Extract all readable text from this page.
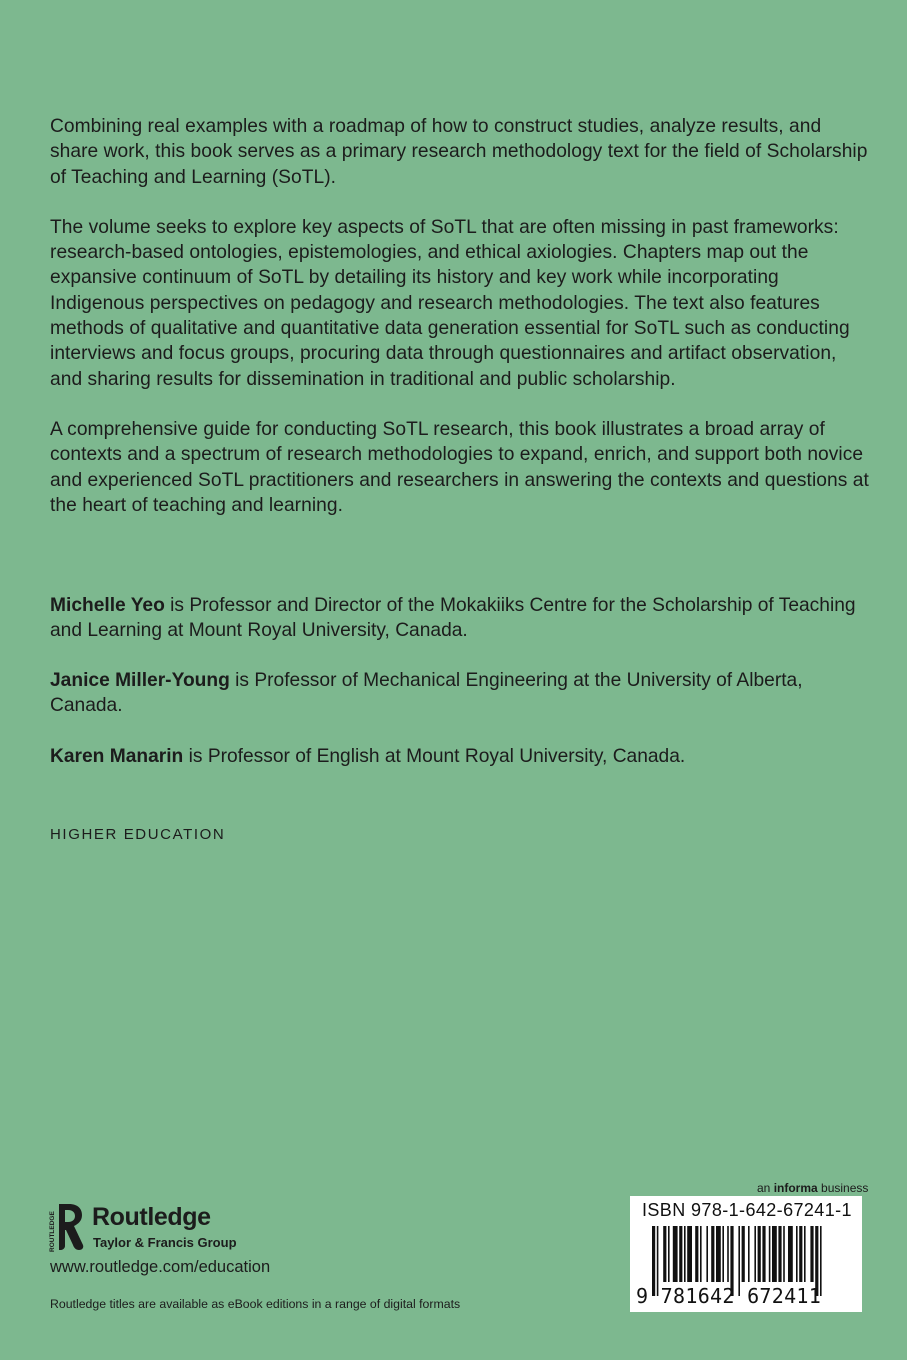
Combining real examples with a roadmap of how to construct studies, analyze results, and share work, this book serves as a primary research methodology text for the field of Scholarship of Teaching and Learning (SoTL).

The volume seeks to explore key aspects of SoTL that are often missing in past frameworks: research-based ontologies, epistemologies, and ethical axiologies. Chapters map out the expansive continuum of SoTL by detailing its history and key work while incorporating Indigenous perspectives on pedagogy and research methodologies. The text also features methods of qualitative and quantitative data generation essential for SoTL such as conducting interviews and focus groups, procuring data through questionnaires and artifact observation, and sharing results for dissemination in traditional and public scholarship.

A comprehensive guide for conducting SoTL research, this book illustrates a broad array of contexts and a spectrum of research methodologies to expand, enrich, and support both novice and experienced SoTL practitioners and researchers in answering the contexts and questions at the heart of teaching and learning.

Michelle Yeo is Professor and Director of the Mokakiiks Centre for the Scholarship of Teaching and Learning at Mount Royal University, Canada.
Janice Miller-Young is Professor of Mechanical Engineering at the University of Alberta, Canada.
Karen Manarin is Professor of English at Mount Royal University, Canada.
HIGHER EDUCATION
ROUTLEDGE Routledge
Taylor & Francis Group
www.routledge.com/education
Routledge titles are available as eBook editions in a range of digital formats
an informa business
ISBN 978-1-642-67241-1
9 781642 672411
